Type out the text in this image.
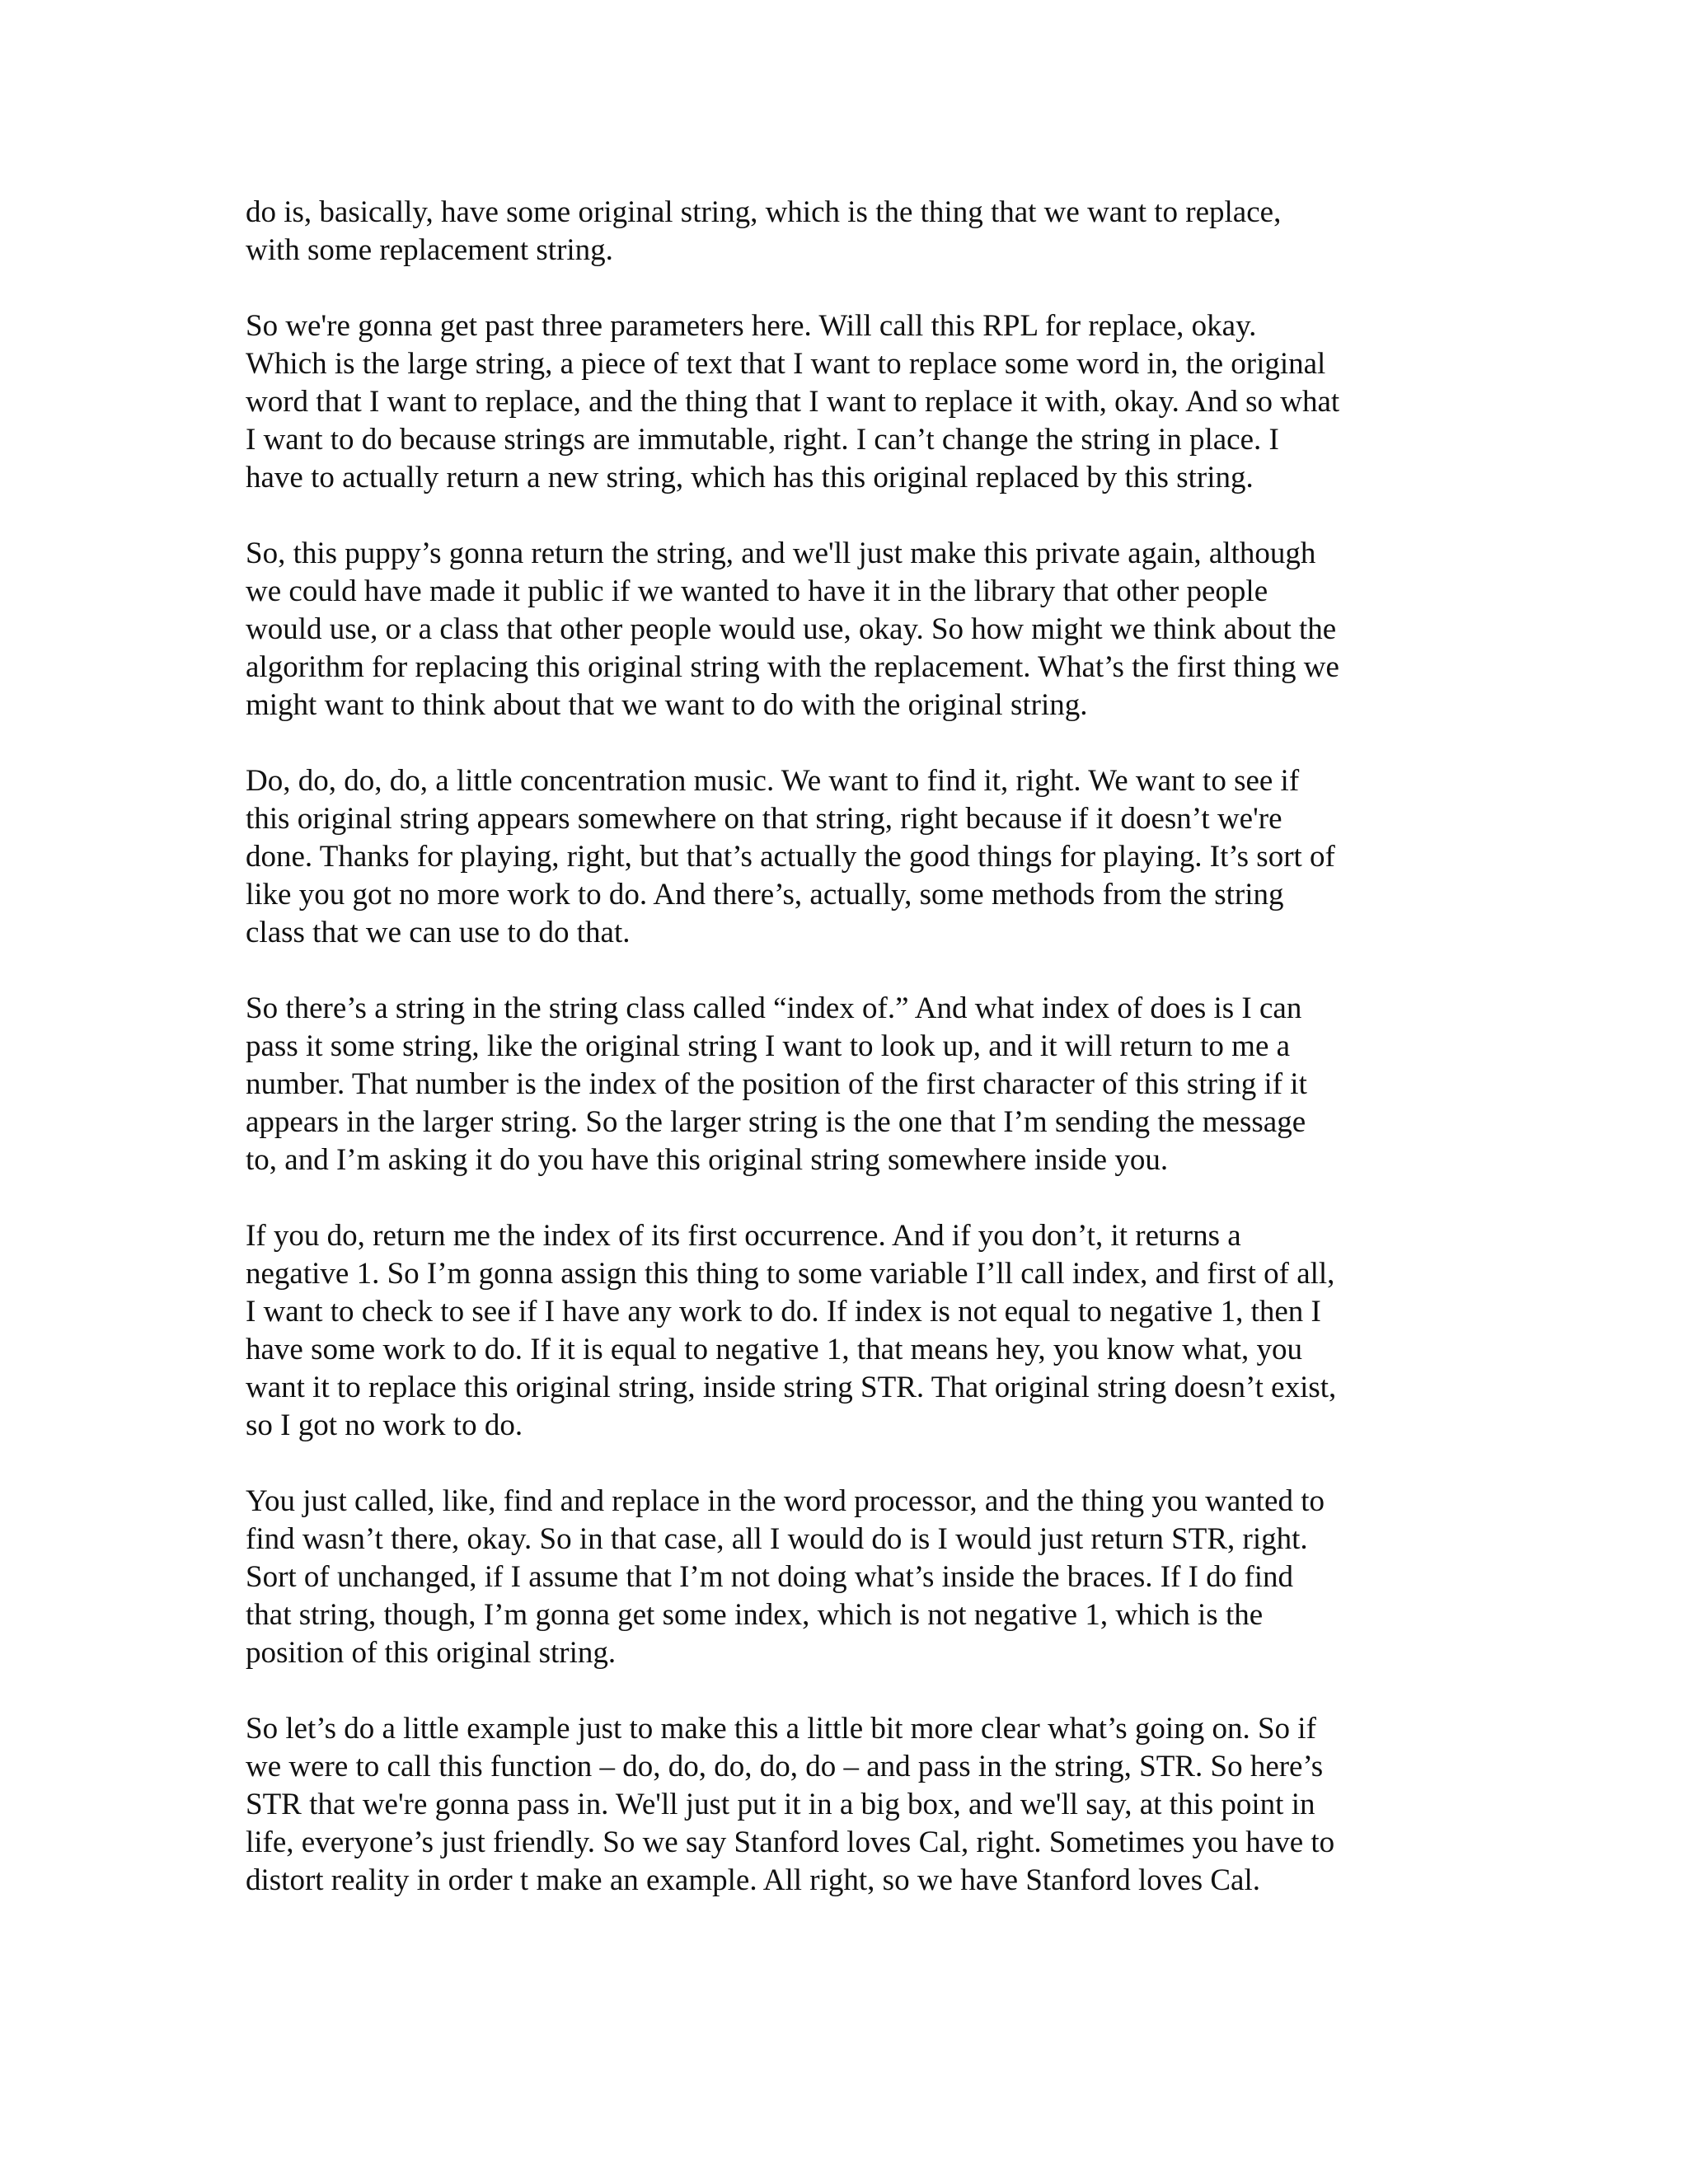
do is, basically, have some original string, which is the thing that we want to replace,
with some replacement string.

So we're gonna get past three parameters here. Will call this RPL for replace, okay.
Which is the large string, a piece of text that I want to replace some word in, the original
word that I want to replace, and the thing that I want to replace it with, okay. And so what
I want to do because strings are immutable, right. I can’t change the string in place. I
have to actually return a new string, which has this original replaced by this string.

So, this puppy’s gonna return the string, and we'll just make this private again, although
we could have made it public if we wanted to have it in the library that other people
would use, or a class that other people would use, okay. So how might we think about the
algorithm for replacing this original string with the replacement. What’s the first thing we
might want to think about that we want to do with the original string.

Do, do, do, do, a little concentration music. We want to find it, right. We want to see if
this original string appears somewhere on that string, right because if it doesn’t we're
done. Thanks for playing, right, but that’s actually the good things for playing. It’s sort of
like you got no more work to do. And there’s, actually, some methods from the string
class that we can use to do that.

So there’s a string in the string class called “index of.” And what index of does is I can
pass it some string, like the original string I want to look up, and it will return to me a
number. That number is the index of the position of the first character of this string if it
appears in the larger string. So the larger string is the one that I’m sending the message
to, and I’m asking it do you have this original string somewhere inside you.

If you do, return me the index of its first occurrence. And if you don’t, it returns a
negative 1. So I’m gonna assign this thing to some variable I’ll call index, and first of all,
I want to check to see if I have any work to do. If index is not equal to negative 1, then I
have some work to do. If it is equal to negative 1, that means hey, you know what, you
want it to replace this original string, inside string STR. That original string doesn’t exist,
so I got no work to do.

You just called, like, find and replace in the word processor, and the thing you wanted to
find wasn’t there, okay. So in that case, all I would do is I would just return STR, right.
Sort of unchanged, if I assume that I’m not doing what’s inside the braces. If I do find
that string, though, I’m gonna get some index, which is not negative 1, which is the
position of this original string.

So let’s do a little example just to make this a little bit more clear what’s going on. So if
we were to call this function – do, do, do, do, do – and pass in the string, STR. So here’s
STR that we're gonna pass in. We'll just put it in a big box, and we'll say, at this point in
life, everyone’s just friendly. So we say Stanford loves Cal, right. Sometimes you have to
distort reality in order t make an example. All right, so we have Stanford loves Cal.
